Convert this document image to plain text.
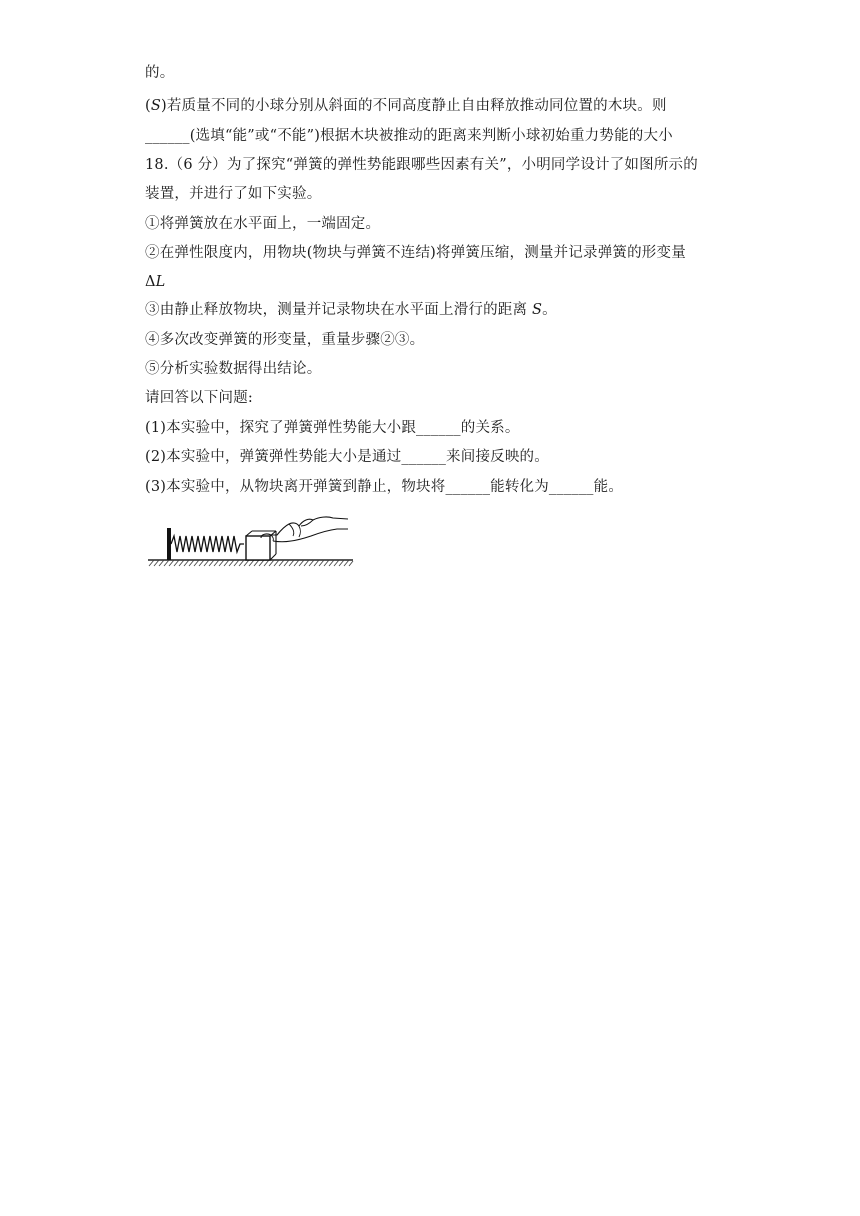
的。
(S)若质量不同的小球分别从斜面的不同高度静止自由释放推动同位置的木块。则
______(选填“能”或“不能”)根据木块被推动的距离来判断小球初始重力势能的大小
18.（6 分）为了探究“弹簧的弹性势能跟哪些因素有关”，小明同学设计了如图所示的
装置，并进行了如下实验。
①将弹簧放在水平面上，一端固定。
②在弹性限度内，用物块(物块与弹簧不连结)将弹簧压缩，测量并记录弹簧的形变量
ΔL
③由静止释放物块，测量并记录物块在水平面上滑行的距离 S。
④多次改变弹簧的形变量，重量步骤②③。
⑤分析实验数据得出结论。
请回答以下问题:
(1)本实验中，探究了弹簧弹性势能大小跟______的关系。
(2)本实验中，弹簧弹性势能大小是通过______来间接反映的。
(3)本实验中，从物块离开弹簧到静止，物块将______能转化为______能。
